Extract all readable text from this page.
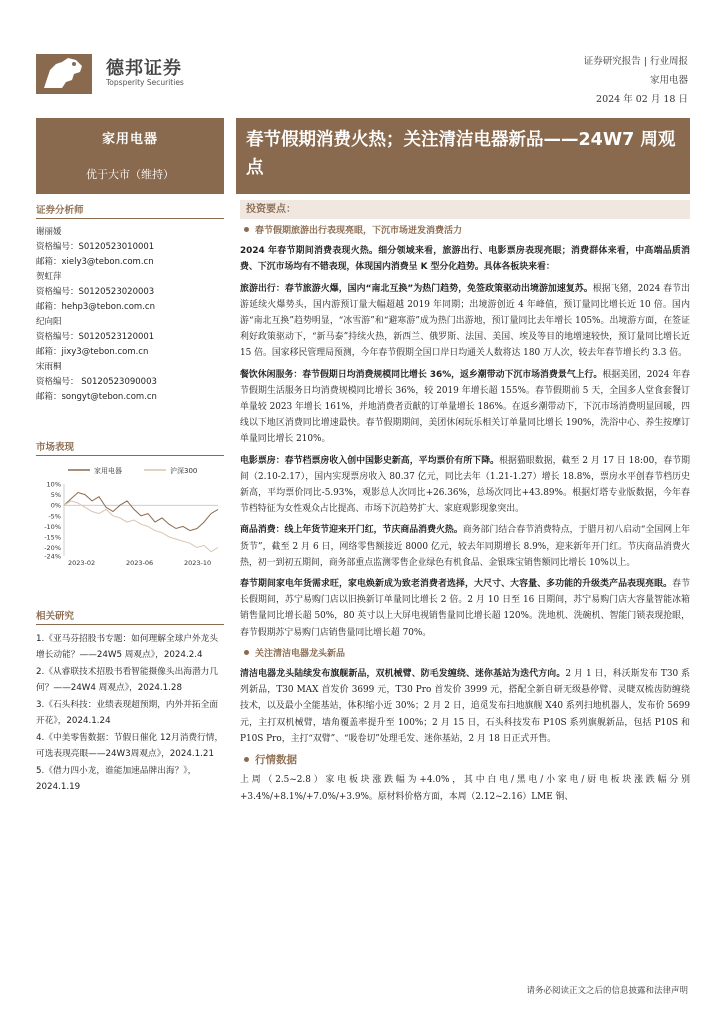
德邦证券
Topsperity Securities
证券研究报告 | 行业周报
家用电器
2024 年 02 月 18 日
家用电器
优于大市（维持）
证券分析师
谢丽媛
资格编号：S0120523010001
邮箱：xiely3@tebon.com.cn
贺虹萍
资格编号：S0120523020003
邮箱：hehp3@tebon.com.cn
纪向阳
资格编号：S0120523120001
邮箱：jixy3@tebon.com.cn
宋雨桐
资格编号： S0120523090003
邮箱：songyt@tebon.com.cn
市场表现
家用电器	沪深300
10%
5%
0%
-5%
-10%
-15%
-20%
-24%
2023-02	2023-06	2023-10
相关研究
1.《亚马芬招股书专题：如何理解全球户外龙头增长动能？——24W5 周观点》，2024.2.4
2.《从睿联技术招股书看智能摄像头出海潜力几何？——24W4 周观点》，2024.1.28
3.《石头科技：业绩表现超预期，内外并拓全面开花》，2024.1.24
4.《中美零售数据：节假日催化 12月消费行情，可选表现亮眼——24W3周观点》，2024.1.21
5.《借力四小龙，谁能加速品牌出海？》，2024.1.19
春节假期消费火热；关注清洁电器新品——24W7 周观点
投资要点：
春节假期旅游出行表现亮眼，下沉市场迸发消费活力
2024 年春节期间消费表现火热。细分领域来看，旅游出行、电影票房表现亮眼；消费群体来看，中高端品质消费、下沉市场均有不错表现，体现国内消费呈 K 型分化趋势。具体各板块来看：
旅游出行：春节旅游火爆，国内“南北互换”为热门趋势，免签政策驱动出境游加速复苏。根据飞猪，2024 春节出游延续火爆势头，国内游预订量大幅超越 2019 年同期；出境游创近 4 年峰值，预订量同比增长近 10 倍。国内游“南北互换”趋势明显，“冰雪游”和“避寒游”成为热门出游地，预订量同比去年增长 105%。出境游方面，在签证利好政策驱动下，“新马泰”持续火热，新西兰、俄罗斯、法国、美国、埃及等目的地增速较快，预订量同比增长近 15 倍。国家移民管理局预测，今年春节假期全国口岸日均通关人数将达 180 万人次，较去年春节增长约 3.3 倍。
餐饮休闲服务：春节假期日均消费规模同比增长 36%，返乡潮带动下沉市场消费景气上行。根据美团，2024 年春节假期生活服务日均消费规模同比增长 36%，较 2019 年增长超 155%。春节假期前 5 天，全国多人堂食套餐订单量较 2023 年增长 161%，并地消费者贡献的订单量增长 186%。在返乡潮带动下，下沉市场消费明显回暖，四线以下地区消费同比增速最快。春节假期期间，美团休闲玩乐相关订单量同比增长 190%，洗浴中心、养生按摩订单量同比增长 210%。
电影票房：春节档票房收入创中国影史新高，平均票价有所下降。根据猫眼数据，截至 2 月 17 日 18:00，春节期间（2.10-2.17），国内实现票房收入 80.37 亿元，同比去年（1.21-1.27）增长 18.8%，票房水平创春节档历史新高，平均票价同比-5.93%，观影总人次同比+26.36%，总场次同比+43.89%。根据灯塔专业版数据，今年春节档特征为女性观众占比提高、市场下沉趋势扩大、家庭观影现象突出。
商品消费：线上年货节迎来开门红，节庆商品消费火热。商务部门结合春节消费特点，于腊月初八启动“全国网上年货节”，截至 2 月 6 日，网络零售额接近 8000 亿元，较去年同期增长 8.9%，迎来新年开门红。节庆商品消费火热，初一到初五期间，商务部重点监测零售企业绿色有机食品、金银珠宝销售额同比增长 10%以上。
春节期间家电年货需求旺，家电焕新成为致老消费者选择，大尺寸、大容量、多功能的升级类产品表现亮眼。春节长假期间，苏宁易购门店以旧换新订单量同比增长 2 倍。2 月 10 日至 16 日期间，苏宁易购门店大容量智能冰箱销售量同比增长超 50%，80 英寸以上大屏电视销售量同比增长超 120%。洗地机、洗碗机、智能门锁表现抢眼，春节假期苏宁易购门店销售量同比增长超 70%。
关注清洁电器龙头新品
清洁电器龙头陆续发布旗舰新品，双机械臂、防毛发缠绕、迷你基站为迭代方向。2 月 1 日，科沃斯发布 T30 系列新品，T30 MAX 首发价 3699 元，T30 Pro 首发价 3999 元，搭配全新自研无级悬停臂、灵睫双梳齿防缠绕技术，以及最小全能基站，体积缩小近 30%；2 月 2 日，追觅发布扫地旗舰 X40 系列扫地机器人，发布价 5699 元，主打双机械臂，墙角覆盖率提升至 100%；2 月 15 日，石头科技发布 P10S 系列旗舰新品，包括 P10S 和 P10S Pro，主打“双臂”、“吸卷切”处理毛发、迷你基站，2 月 18 日正式开售。
行情数据
上周（2.5~2.8）家电板块涨跌幅为+4.0%，其中白电/黑电/小家电/厨电板块涨跌幅分别+3.4%/+8.1%/+7.0%/+3.9%。原材料价格方面，本周（2.12~2.16）LME 铜、
请务必阅读正文之后的信息披露和法律声明
